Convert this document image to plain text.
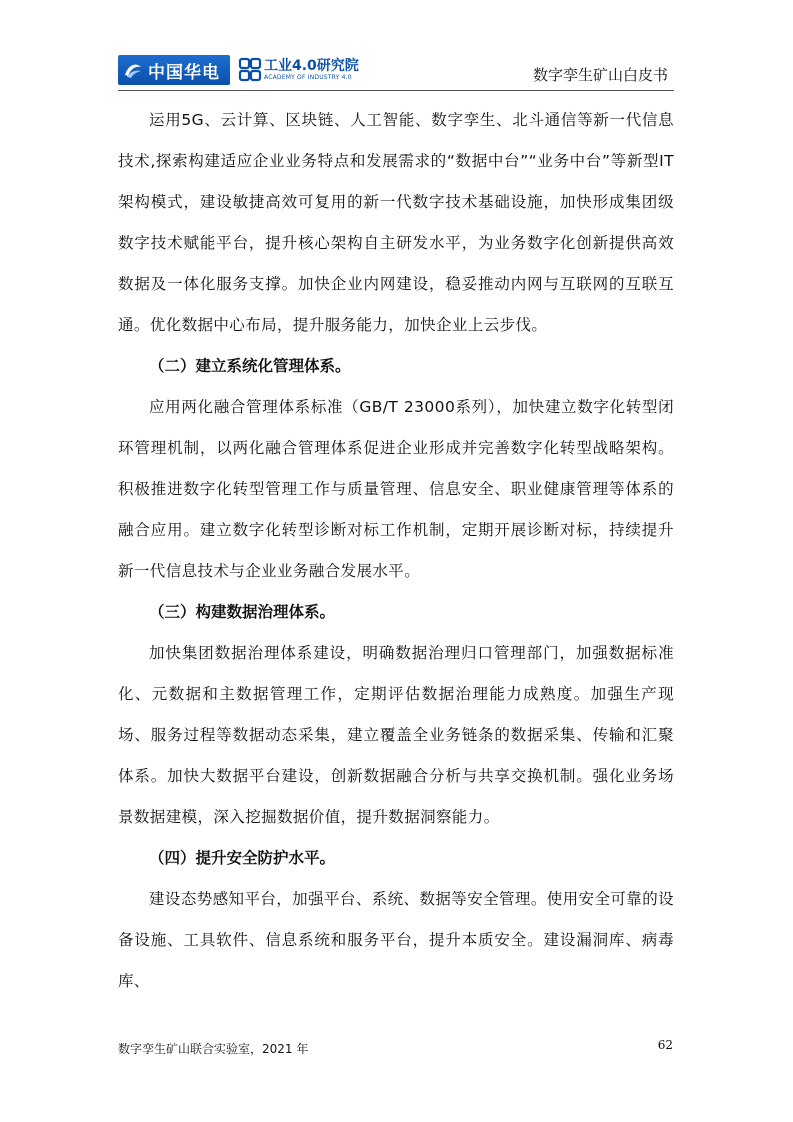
中国华电	工业4.0研究院
ACADEMY OF INDUSTRY 4.0	数字孪生矿山白皮书

运用5G、云计算、区块链、人工智能、数字孪生、北斗通信等新一代信息技术,探索构建适应企业业务特点和发展需求的“数据中台”“业务中台”等新型IT架构模式，建设敏捷高效可复用的新一代数字技术基础设施，加快形成集团级数字技术赋能平台，提升核心架构自主研发水平，为业务数字化创新提供高效数据及一体化服务支撑。加快企业内网建设，稳妥推动内网与互联网的互联互通。优化数据中心布局，提升服务能力，加快企业上云步伐。

（二）建立系统化管理体系。

应用两化融合管理体系标准（GB/T 23000系列），加快建立数字化转型闭环管理机制，以两化融合管理体系促进企业形成并完善数字化转型战略架构。积极推进数字化转型管理工作与质量管理、信息安全、职业健康管理等体系的融合应用。建立数字化转型诊断对标工作机制，定期开展诊断对标，持续提升新一代信息技术与企业业务融合发展水平。

（三）构建数据治理体系。

加快集团数据治理体系建设，明确数据治理归口管理部门，加强数据标准化、元数据和主数据管理工作，定期评估数据治理能力成熟度。加强生产现场、服务过程等数据动态采集，建立覆盖全业务链条的数据采集、传输和汇聚体系。加快大数据平台建设，创新数据融合分析与共享交换机制。强化业务场景数据建模，深入挖掘数据价值，提升数据洞察能力。

（四）提升安全防护水平。

建设态势感知平台，加强平台、系统、数据等安全管理。使用安全可靠的设备设施、工具软件、信息系统和服务平台，提升本质安全。建设漏洞库、病毒库、

数字孪生矿山联合实验室，2021 年	62
